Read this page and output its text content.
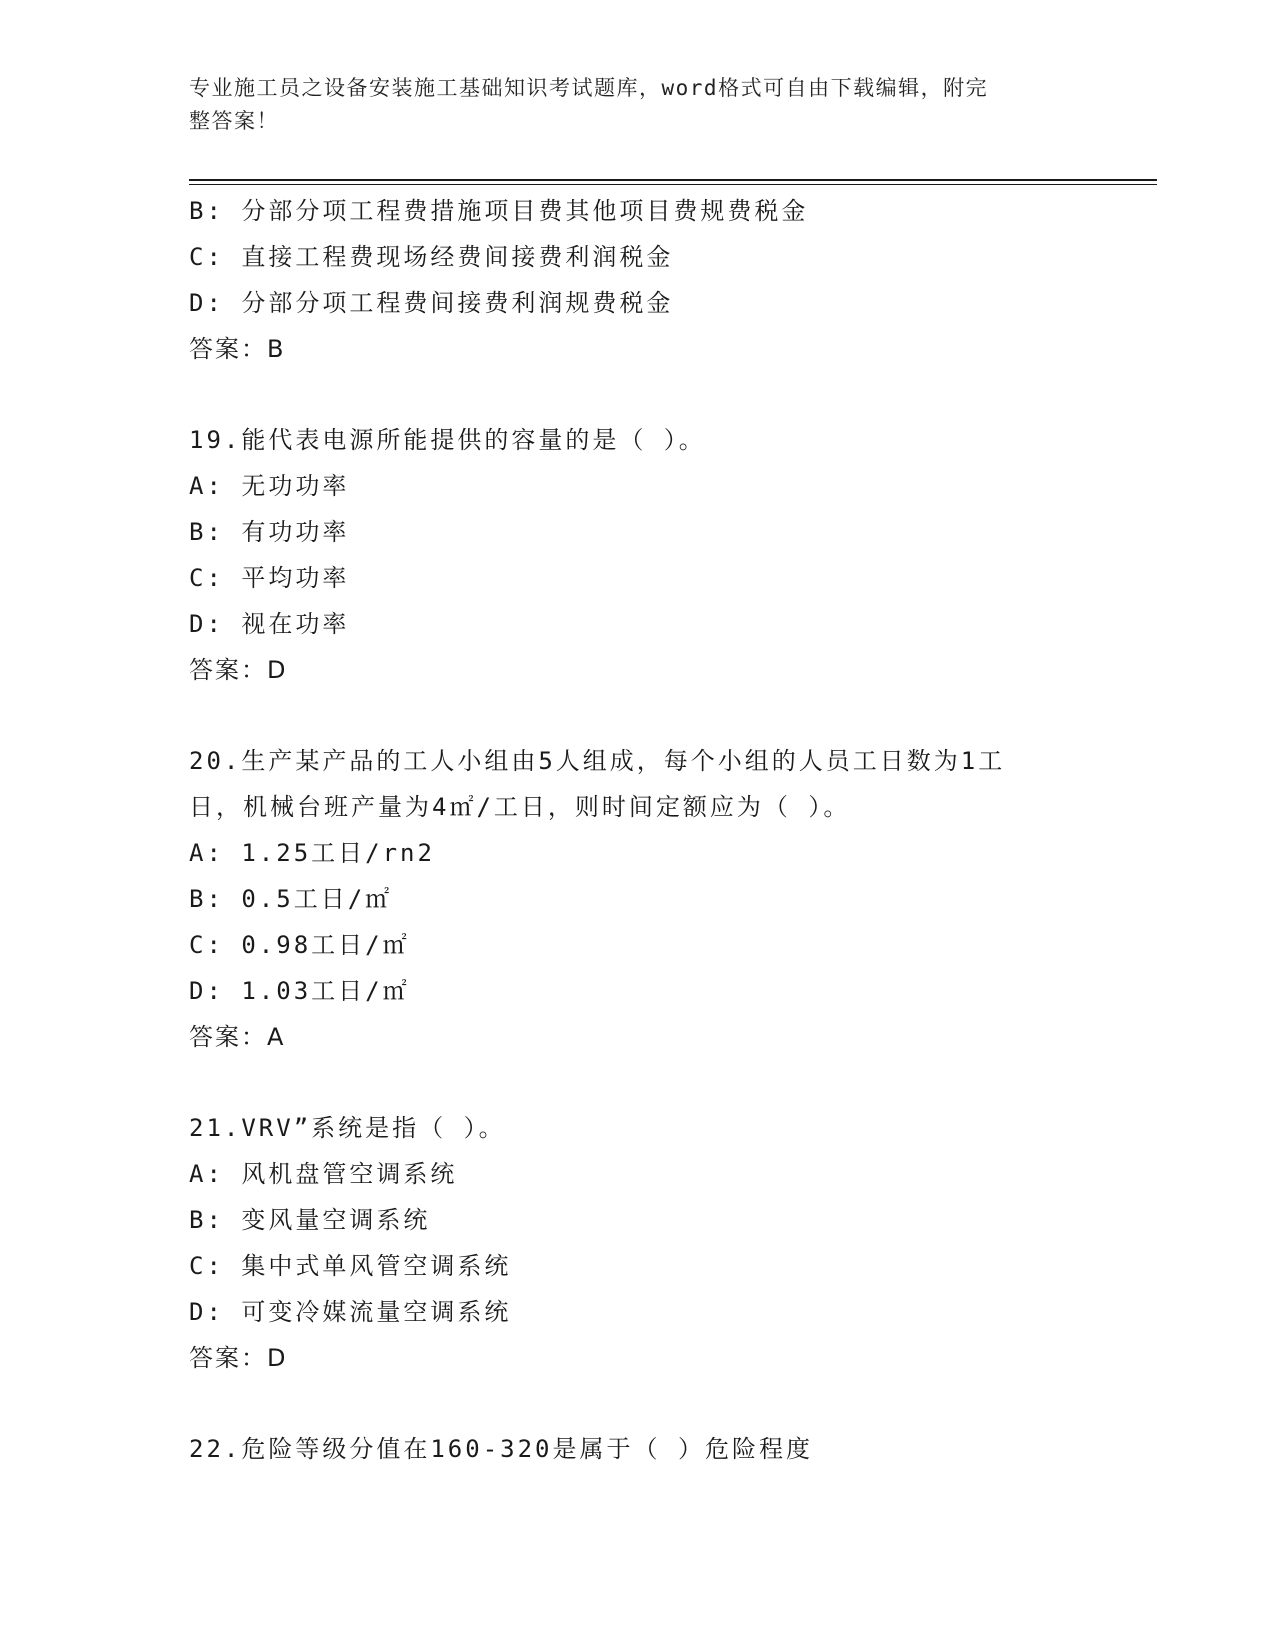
专业施工员之设备安装施工基础知识考试题库，word格式可自由下载编辑，附完
整答案！
B: 分部分项工程费措施项目费其他项目费规费税金
C: 直接工程费现场经费间接费利润税金
D: 分部分项工程费间接费利润规费税金
答案：B
19.能代表电源所能提供的容量的是（ ）。
A: 无功功率
B: 有功功率
C: 平均功率
D: 视在功率
答案：D
20.生产某产品的工人小组由5人组成，每个小组的人员工日数为1工
日，机械台班产量为4㎡/工日，则时间定额应为（ ）。
A: 1.25工日/rn2
B: 0.5工日/㎡
C: 0.98工日/㎡
D: 1.03工日/㎡
答案：A
21.VRV”系统是指（ ）。
A: 风机盘管空调系统
B: 变风量空调系统
C: 集中式单风管空调系统
D: 可变冷媒流量空调系统
答案：D
22.危险等级分值在160-320是属于（ ）危险程度
